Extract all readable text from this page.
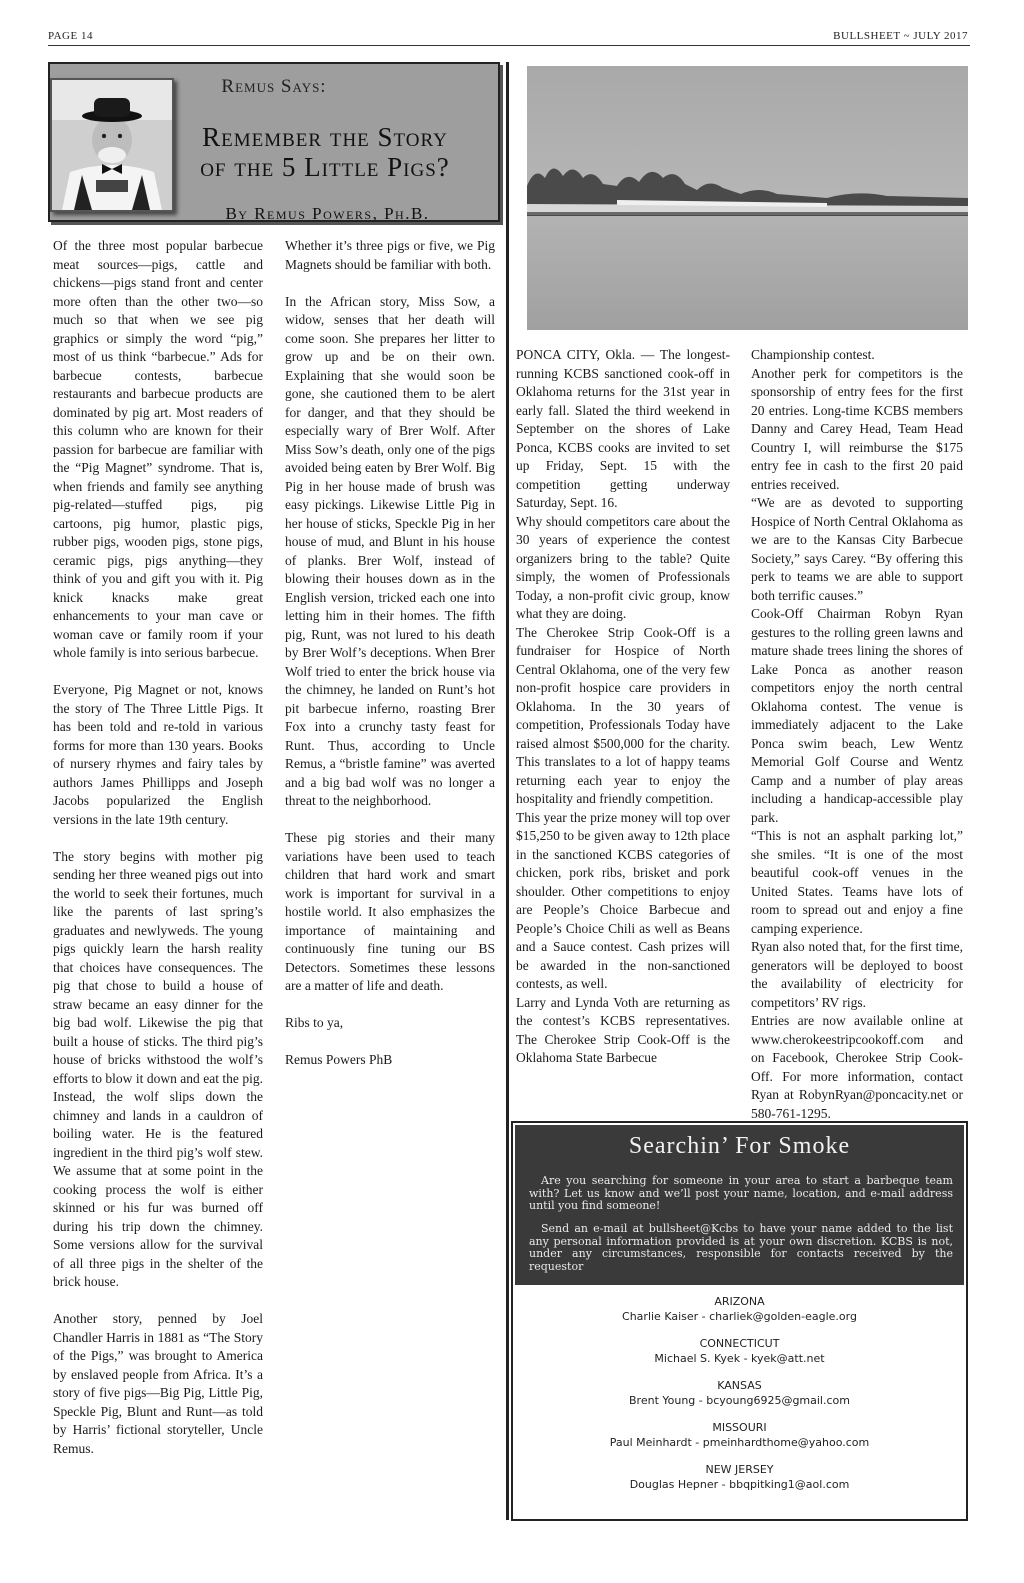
PAGE 14	BULLSHEET ~ JULY 2017
Remus Says:
Remember the Story
of the 5 Little Pigs?
By Remus Powers, Ph.B.

Of the three most popular barbecue meat sources—pigs, cattle and chickens—pigs stand front and center more often than the other two—so much so that when we see pig graphics or simply the word “pig,” most of us think “barbecue.” Ads for barbecue contests, barbecue restaurants and barbecue products are dominated by pig art. Most readers of this column who are known for their passion for barbecue are familiar with the “Pig Magnet” syndrome. That is, when friends and family see anything pig-related—stuffed pigs, pig cartoons, pig humor, plastic pigs, rubber pigs, wooden pigs, stone pigs, ceramic pigs, pigs anything—they think of you and gift you with it. Pig knick knacks make great enhancements to your man cave or woman cave or family room if your whole family is into serious barbecue.

Everyone, Pig Magnet or not, knows the story of The Three Little Pigs. It has been told and re-told in various forms for more than 130 years. Books of nursery rhymes and fairy tales by authors James Phillipps and Joseph Jacobs popularized the English versions in the late 19th century.

The story begins with mother pig sending her three weaned pigs out into the world to seek their fortunes, much like the parents of last spring’s graduates and newlyweds. The young pigs quickly learn the harsh reality that choices have consequences. The pig that chose to build a house of straw became an easy dinner for the big bad wolf. Likewise the pig that built a house of sticks. The third pig’s house of bricks withstood the wolf’s efforts to blow it down and eat the pig. Instead, the wolf slips down the chimney and lands in a cauldron of boiling water. He is the featured ingredient in the third pig’s wolf stew. We assume that at some point in the cooking process the wolf is either skinned or his fur was burned off during his trip down the chimney. Some versions allow for the survival of all three pigs in the shelter of the brick house.

Another story, penned by Joel Chandler Harris in 1881 as “The Story of the Pigs,” was brought to America by enslaved people from Africa. It’s a story of five pigs—Big Pig, Little Pig, Speckle Pig, Blunt and Runt—as told by Harris’ fictional storyteller, Uncle Remus.

Whether it’s three pigs or five, we Pig Magnets should be familiar with both.

In the African story, Miss Sow, a widow, senses that her death will come soon. She prepares her litter to grow up and be on their own. Explaining that she would soon be gone, she cautioned them to be alert for danger, and that they should be especially wary of Brer Wolf. After Miss Sow’s death, only one of the pigs avoided being eaten by Brer Wolf. Big Pig in her house made of brush was easy pickings. Likewise Little Pig in her house of sticks, Speckle Pig in her house of mud, and Blunt in his house of planks. Brer Wolf, instead of blowing their houses down as in the English version, tricked each one into letting him in their homes. The fifth pig, Runt, was not lured to his death by Brer Wolf’s deceptions. When Brer Wolf tried to enter the brick house via the chimney, he landed on Runt’s hot pit barbecue inferno, roasting Brer Fox into a crunchy tasty feast for Runt. Thus, according to Uncle Remus, a “bristle famine” was averted and a big bad wolf was no longer a threat to the neighborhood.

These pig stories and their many variations have been used to teach children that hard work and smart work is important for survival in a hostile world. It also emphasizes the importance of maintaining and continuously fine tuning our BS Detectors. Sometimes these lessons are a matter of life and death.

Ribs to ya,

Remus Powers PhB

PONCA CITY, Okla. — The longest-running KCBS sanctioned cook-off in Oklahoma returns for the 31st year in early fall. Slated the third weekend in September on the shores of Lake Ponca, KCBS cooks are invited to set up Friday, Sept. 15 with the competition getting underway Saturday, Sept. 16.

Why should competitors care about the 30 years of experience the contest organizers bring to the table? Quite simply, the women of Professionals Today, a non-profit civic group, know what they are doing.

The Cherokee Strip Cook-Off is a fundraiser for Hospice of North Central Oklahoma, one of the very few non-profit hospice care providers in Oklahoma. In the 30 years of competition, Professionals Today have raised almost $500,000 for the charity. This translates to a lot of happy teams returning each year to enjoy the hospitality and friendly competition.

This year the prize money will top over $15,250 to be given away to 12th place in the sanctioned KCBS categories of chicken, pork ribs, brisket and pork shoulder. Other competitions to enjoy are People’s Choice Barbecue and People’s Choice Chili as well as Beans and a Sauce contest. Cash prizes will be awarded in the non-sanctioned contests, as well.

Larry and Lynda Voth are returning as the contest’s KCBS representatives. The Cherokee Strip Cook-Off is the Oklahoma State Barbecue

Championship contest.

Another perk for competitors is the sponsorship of entry fees for the first 20 entries. Long-time KCBS members Danny and Carey Head, Team Head Country I, will reimburse the $175 entry fee in cash to the first 20 paid entries received.

“We are as devoted to supporting Hospice of North Central Oklahoma as we are to the Kansas City Barbecue Society,” says Carey. “By offering this perk to teams we are able to support both terrific causes.”

Cook-Off Chairman Robyn Ryan gestures to the rolling green lawns and mature shade trees lining the shores of Lake Ponca as another reason competitors enjoy the north central Oklahoma contest. The venue is immediately adjacent to the Lake Ponca swim beach, Lew Wentz Memorial Golf Course and Wentz Camp and a number of play areas including a handicap-accessible play park.

“This is not an asphalt parking lot,” she smiles. “It is one of the most beautiful cook-off venues in the United States. Teams have lots of room to spread out and enjoy a fine camping experience.

Ryan also noted that, for the first time, generators will be deployed to boost the availability of electricity for competitors’ RV rigs.

Entries are now available online at www.cherokeestripcookoff.com and on Facebook, Cherokee Strip Cook-Off. For more information, contact Ryan at RobynRyan@poncacity.net or 580-761-1295.

Searchin’ For Smoke
Are you searching for someone in your area to start a barbeque team with? Let us know and we’ll post your name, location, and e-mail address until you find someone!
Send an e-mail at bullsheet@Kcbs to have your name added to the list any personal information provided is at your own discretion. KCBS is not, under any circumstances, responsible for contacts received by the requestor
ARIZONA
Charlie Kaiser - charliek@golden-eagle.org
CONNECTICUT
Michael S. Kyek - kyek@att.net
KANSAS
Brent Young - bcyoung6925@gmail.com
MISSOURI
Paul Meinhardt - pmeinhardthome@yahoo.com
NEW JERSEY
Douglas Hepner - bbqpitking1@aol.com
